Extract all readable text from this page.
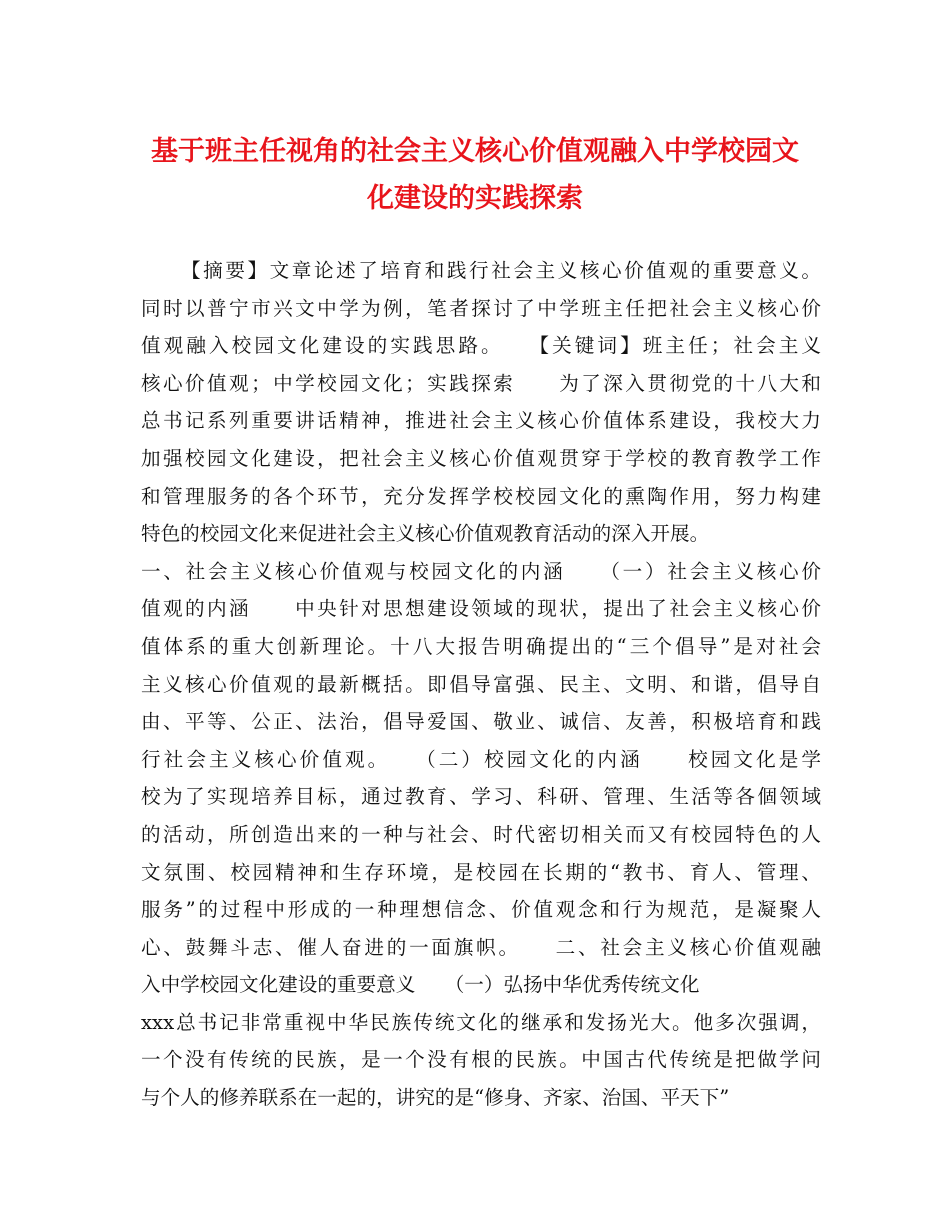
基于班主任视角的社会主义核心价值观融入中学校园文
化建设的实践探索
【摘要】文章论述了培育和践行社会主义核心价值观的重要意义。
同时以普宁市兴文中学为例，笔者探讨了中学班主任把社会主义核心价
值观融入校园文化建设的实践思路。　　【关键词】班主任；社会主义
核心价值观；中学校园文化；实践探索　　为了深入贯彻党的十八大和
总书记系列重要讲话精神，推进社会主义核心价值体系建设，我校大力
加强校园文化建设，把社会主义核心价值观贯穿于学校的教育教学工作
和管理服务的各个环节，充分发挥学校校园文化的熏陶作用，努力构建
特色的校园文化来促进社会主义核心价值观教育活动的深入开展。
一、社会主义核心价值观与校园文化的内涵　　（一）社会主义核心价
值观的内涵　　中央针对思想建设领域的现状，提出了社会主义核心价
值体系的重大创新理论。十八大报告明确提出的“三个倡导”是对社会
主义核心价值观的最新概括。即倡导富强、民主、文明、和谐，倡导自
由、平等、公正、法治，倡导爱国、敬业、诚信、友善，积极培育和践
行社会主义核心价值观。　　（二）校园文化的内涵　　校园文化是学
校为了实现培养目标，通过教育、学习、科研、管理、生活等各個领域
的活动，所创造出来的一种与社会、时代密切相关而又有校园特色的人
文氛围、校园精神和生存环境，是校园在长期的“教书、育人、管理、
服务”的过程中形成的一种理想信念、价值观念和行为规范，是凝聚人
心、鼓舞斗志、催人奋进的一面旗帜。　　二、社会主义核心价值观融
入中学校园文化建设的重要意义　　（一）弘扬中华优秀传统文化
xxx总书记非常重视中华民族传统文化的继承和发扬光大。他多次强调，
一个没有传统的民族，是一个没有根的民族。中国古代传统是把做学问
与个人的修养联系在一起的，讲究的是“修身、齐家、治国、平天下”
